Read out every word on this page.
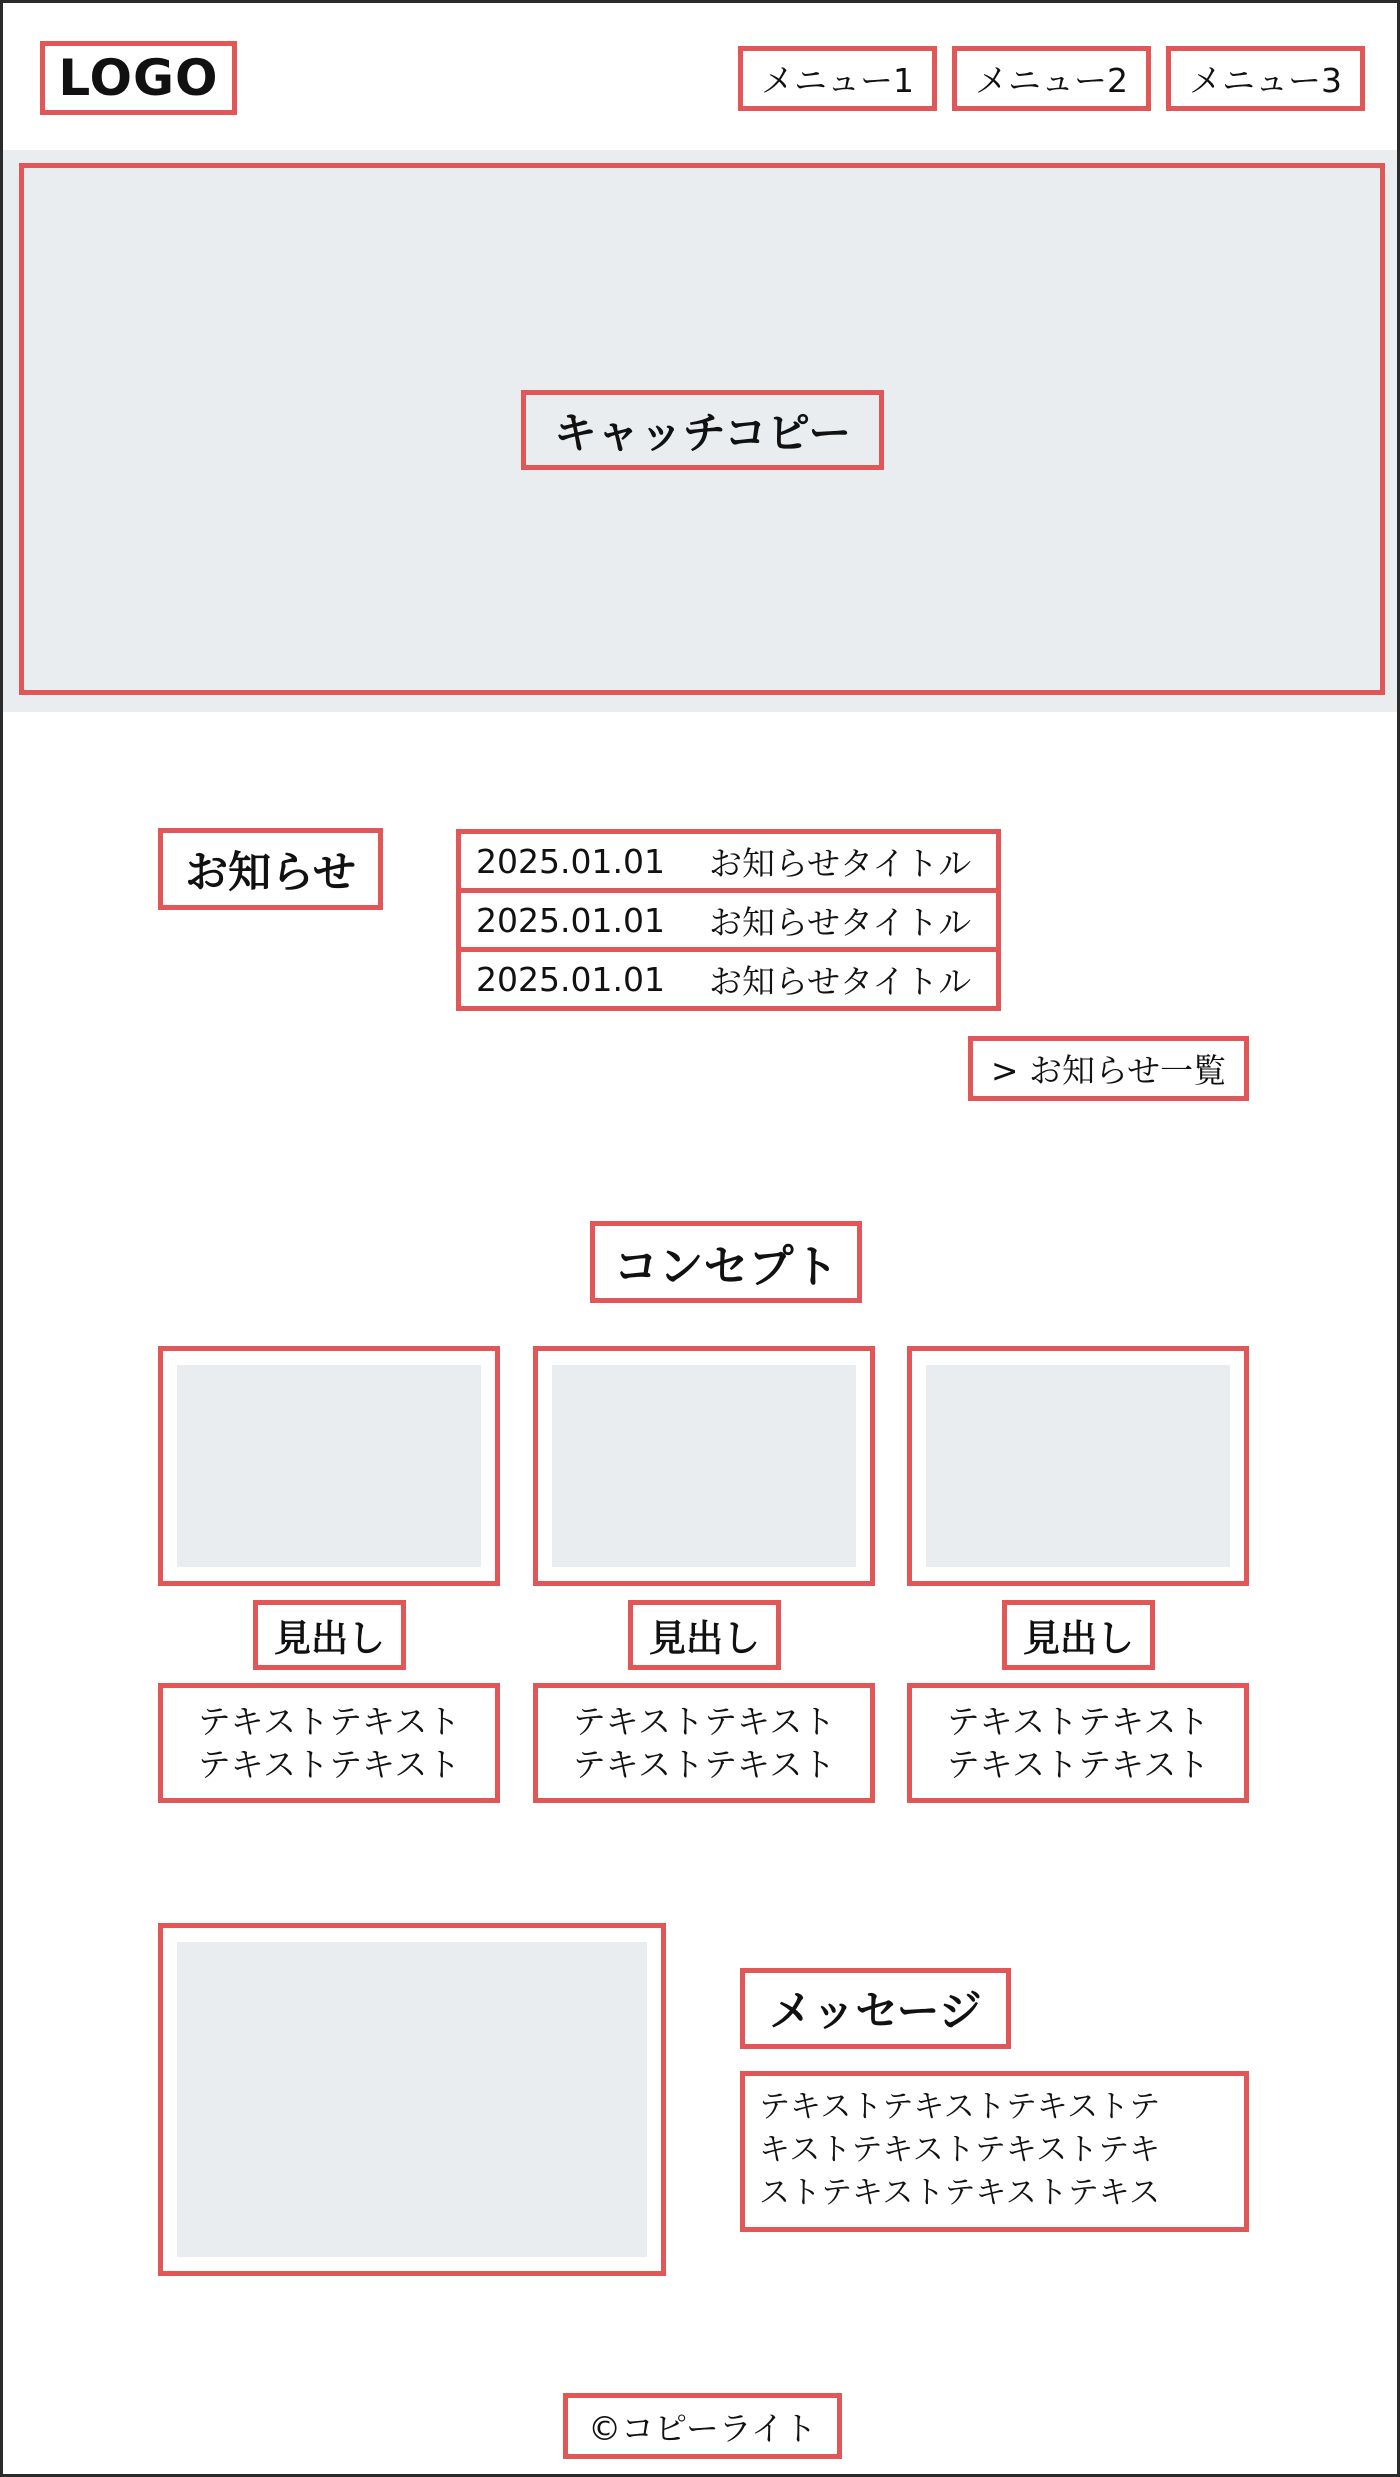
LOGO	メニュー1	メニュー2	メニュー3
キャッチコピー
お知らせ	2025.01.01 お知らせタイトル
2025.01.01 お知らせタイトル
2025.01.01 お知らせタイトル
> お知らせ一覧
コンセプト
見出し	見出し	見出し
テキストテキスト
テキストテキスト
テキストテキスト
テキストテキスト
テキストテキスト
テキストテキスト
メッセージ
テキストテキストテキストテ
キストテキストテキストテキ
ストテキストテキストテキス
©コピーライト
